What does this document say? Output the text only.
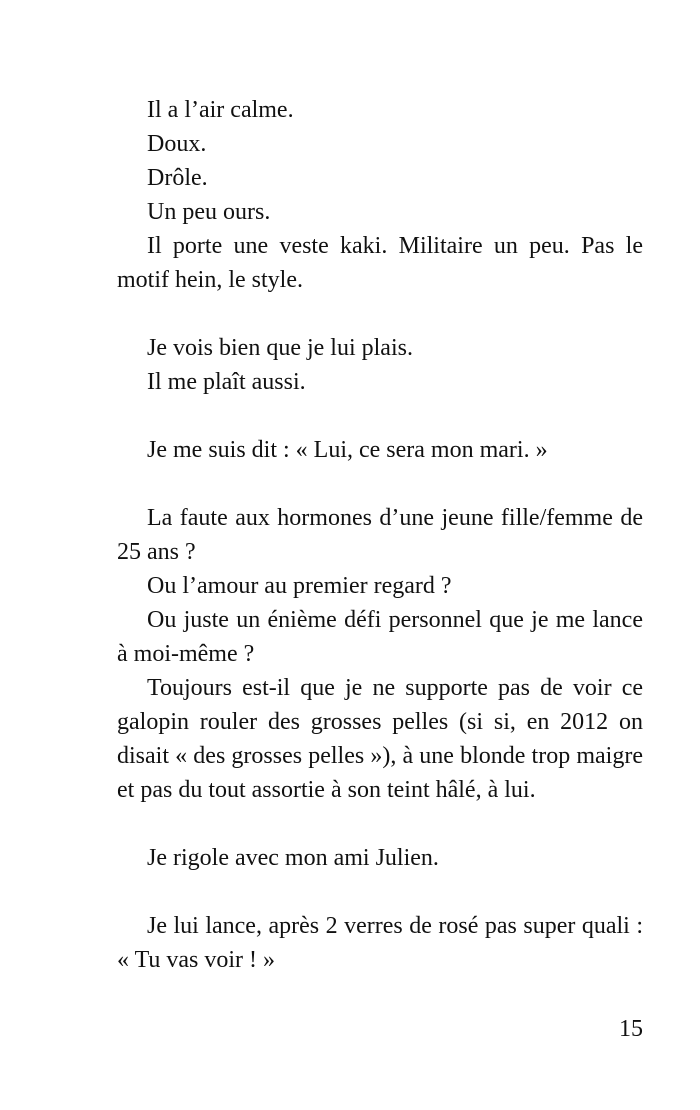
Il a l’air calme.

Doux.

Drôle.

Un peu ours.

Il porte une veste kaki. Militaire un peu. Pas le motif hein, le style.

Je vois bien que je lui plais.

Il me plaît aussi.

Je me suis dit : « Lui, ce sera mon mari. »

La faute aux hormones d’une jeune fille/femme de 25 ans ?

Ou l’amour au premier regard ?

Ou juste un énième défi personnel que je me lance à moi-même ?

Toujours est-il que je ne supporte pas de voir ce galopin rouler des grosses pelles (si si, en 2012 on disait « des grosses pelles »), à une blonde trop maigre et pas du tout assortie à son teint hâlé, à lui.

Je rigole avec mon ami Julien.

Je lui lance, après 2 verres de rosé pas super quali : « Tu vas voir ! »

15
